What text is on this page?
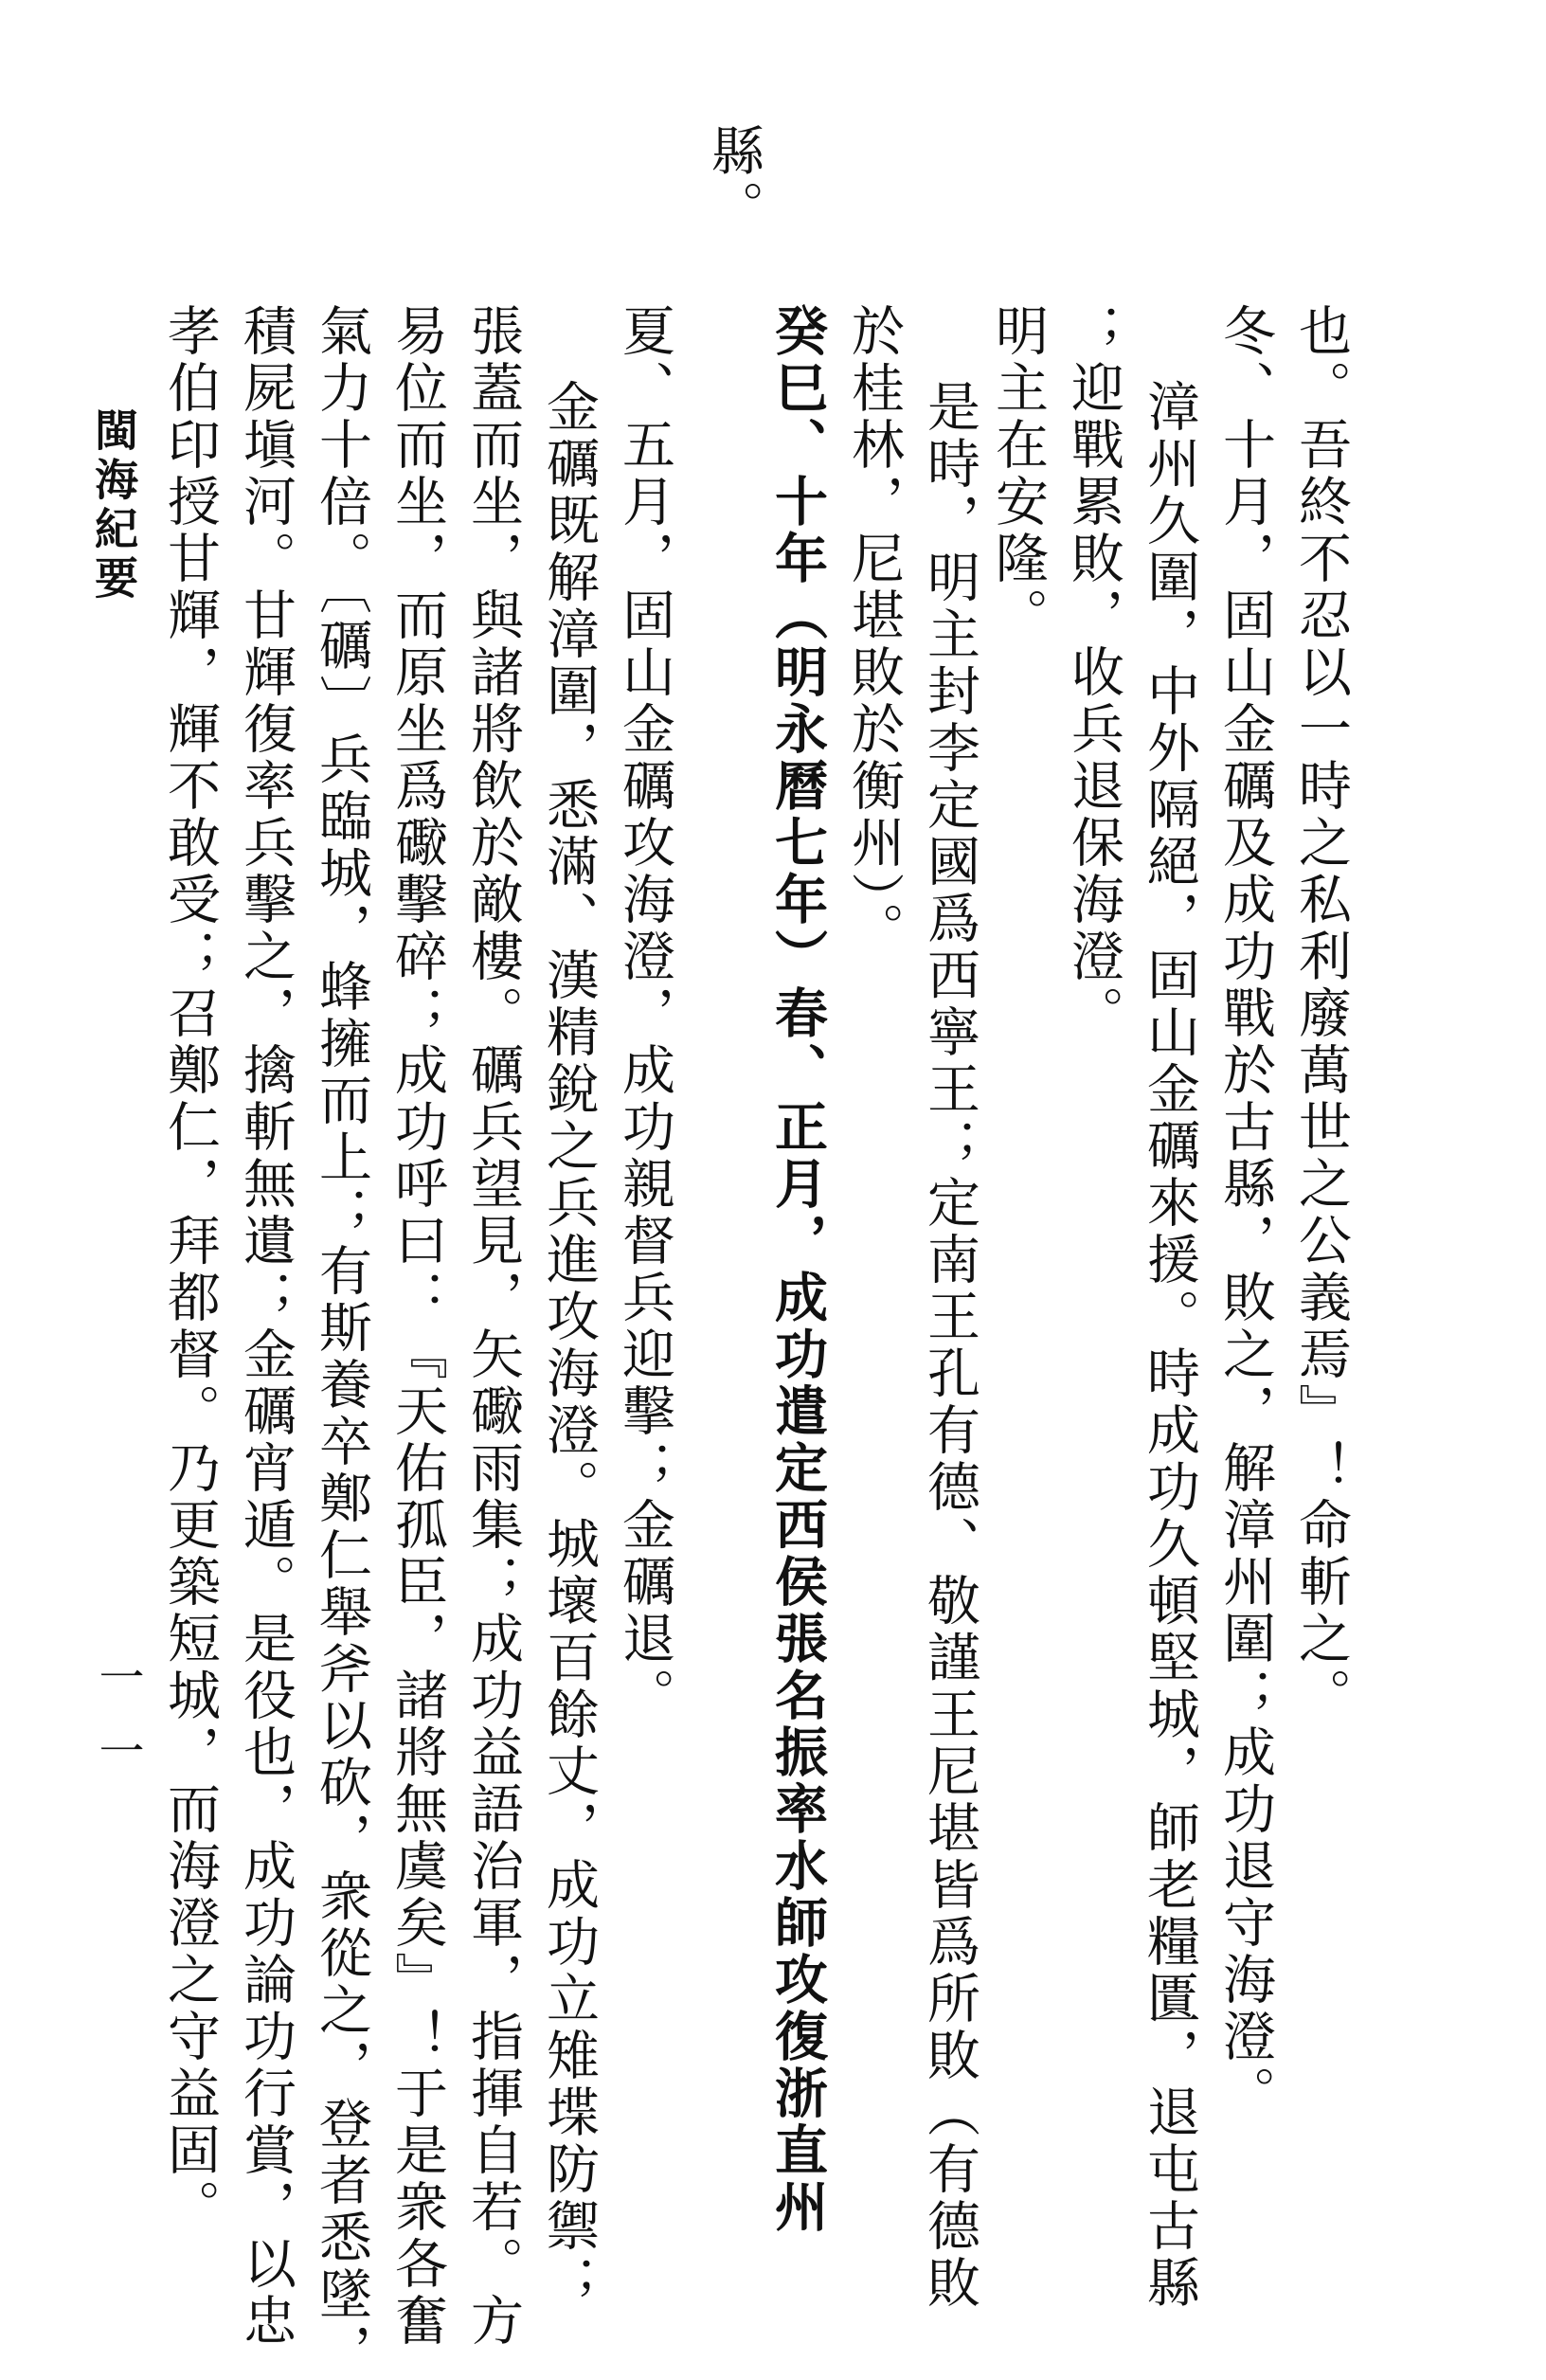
縣。
也。吾終不忍以一時之私利廢萬世之公義焉』！命斬之。
冬、十月，固山金礪及成功戰於古縣，敗之，解漳州圍；成功退守海澄。
漳州久圍，中外隔絕，固山金礪來援。時成功久頓堅城，師老糧匱，退屯古縣
；迎戰累敗，收兵退保海澄。
明主在安隆。
是時，明主封李定國爲西寧王；定南王孔有德、敬謹王尼堪皆爲所敗（有德敗
於桂林，尼堪敗於衡州）。
癸巳、十年（明永曆七年）春、正月，成功遣定西侯張名振率水師攻復浙直州
夏、五月，固山金礪攻海澄，成功親督兵迎擊；金礪退。
金礪既解漳圍，悉滿、漢精銳之兵進攻海澄。城壞百餘丈，成功立雉堞防禦；
張蓋而坐，與諸將飲於敵樓。礪兵望見，矢礮雨集；成功益語治軍，指揮自若。方
易位而坐，而原坐爲礮擊碎；成功呼曰：『天佑孤臣，諸將無虞矣』！于是衆各奮
氣力十倍。〔礪〕兵臨城，蜂擁而上；有斯養卒鄭仁舉斧以砍，衆從之，登者悉墜，
積屍塡河。甘輝復率兵擊之，擒斬無遺；金礪宵遁。是役也，成功論功行賞，以忠
孝伯印授甘輝，輝不敢受；召鄭仁，拜都督。乃更築短城，而海澄之守益固。
閩海紀要
一一
